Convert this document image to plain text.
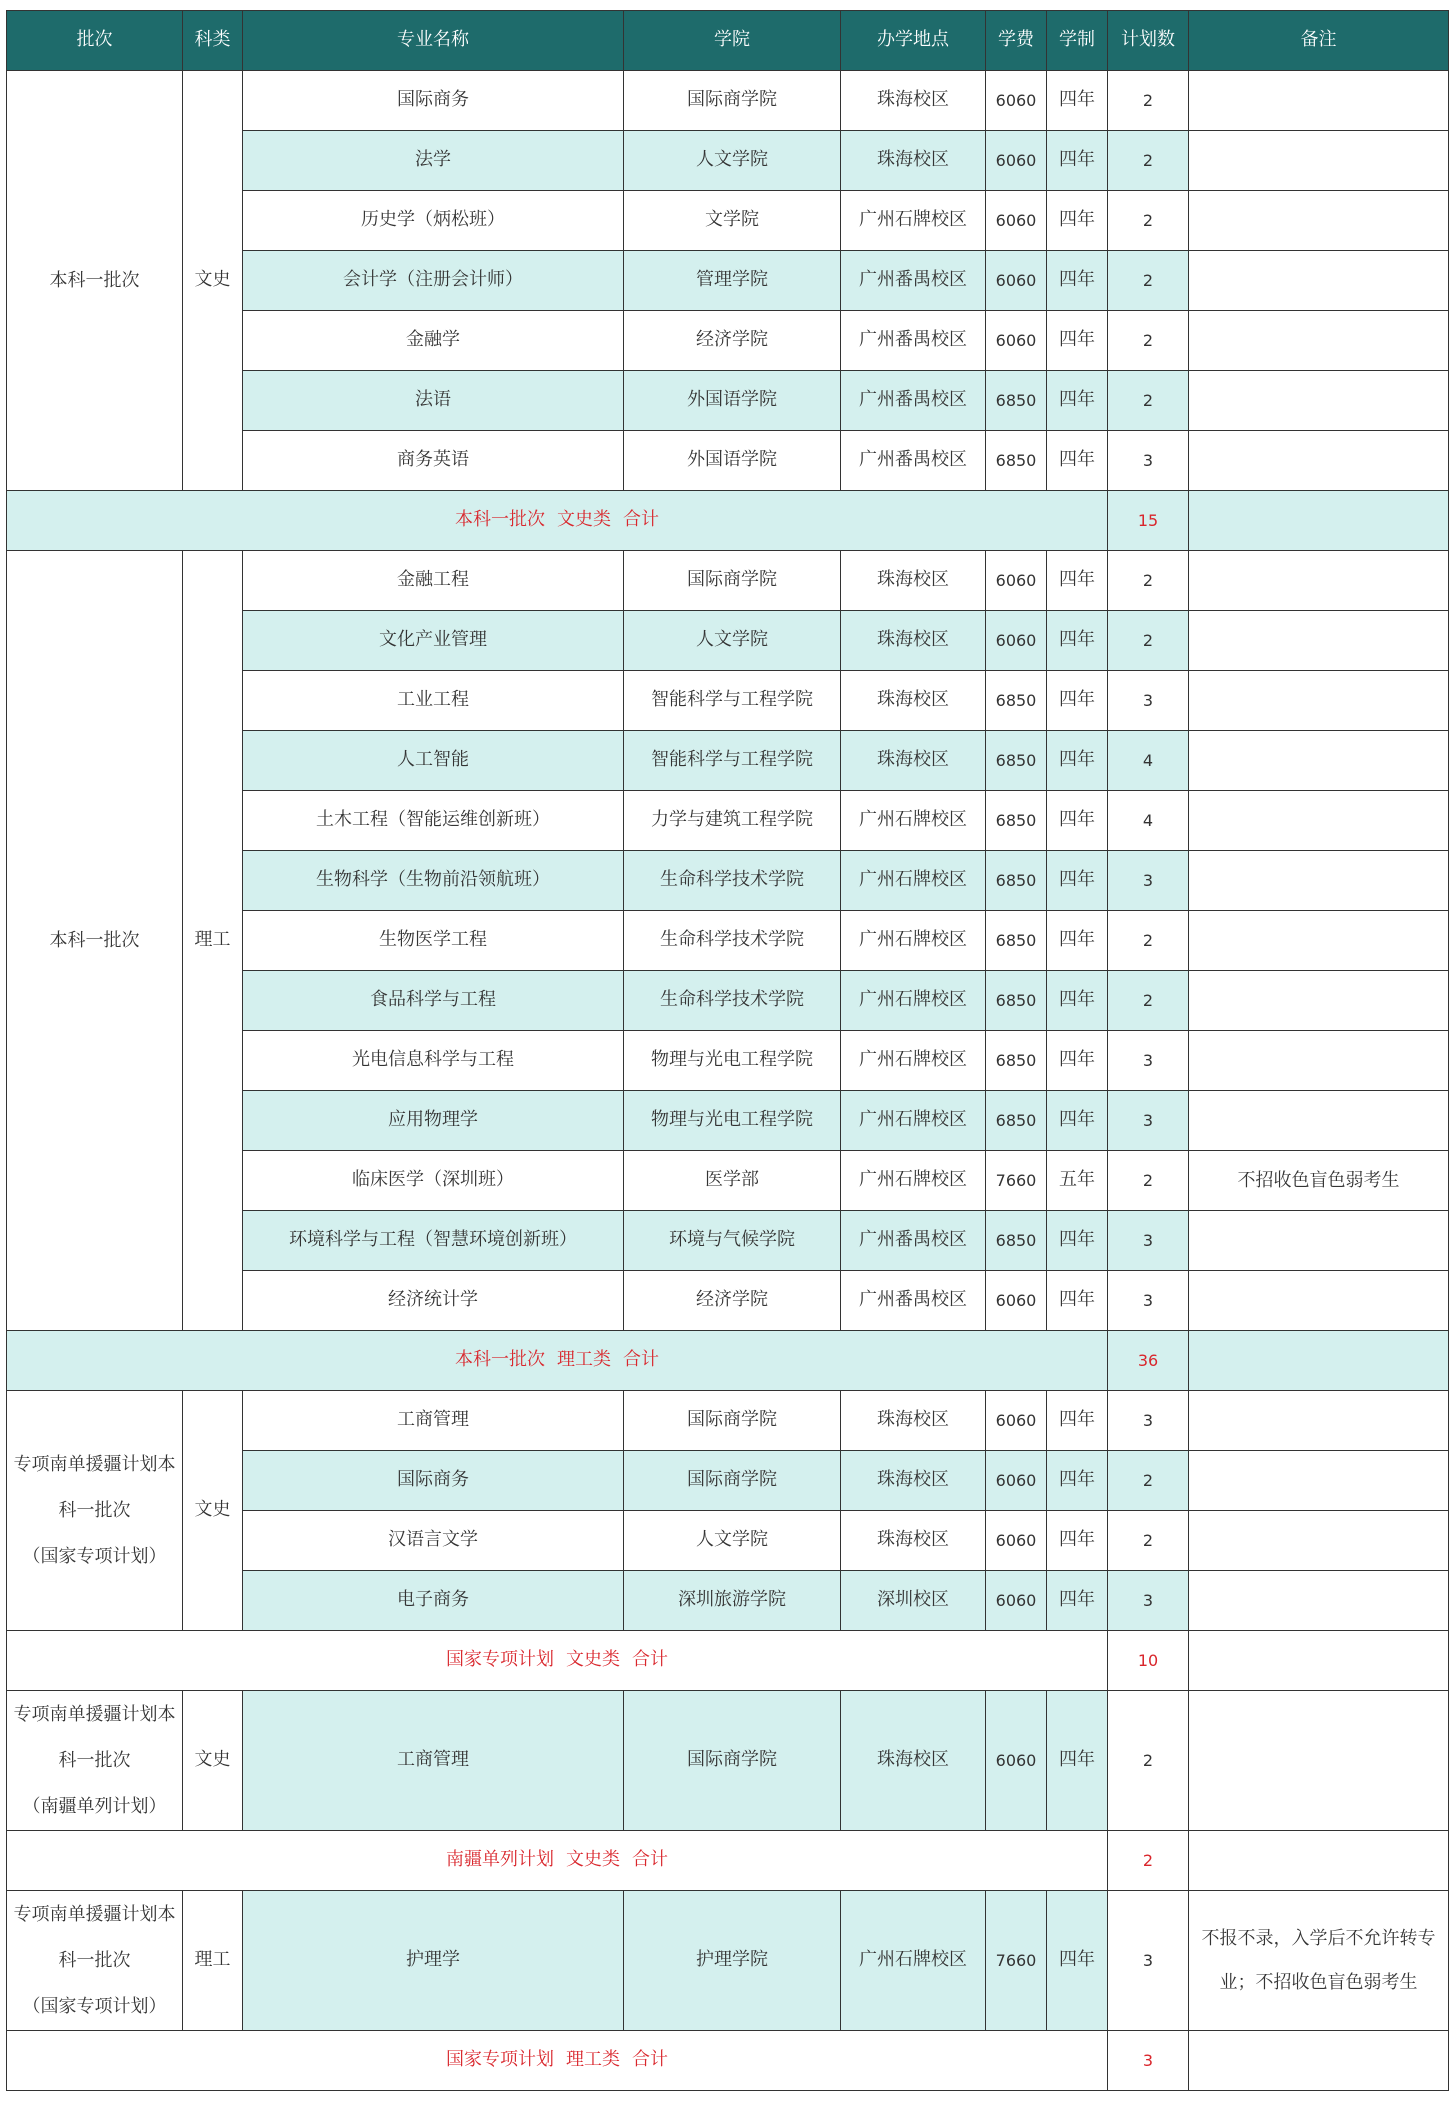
批次	科类	专业名称	学院	办学地点	学费	学制	计划数	备注
本科一批次	文史	国际商务	国际商学院	珠海校区	6060	四年	2	
		法学	人文学院	珠海校区	6060	四年	2	
		历史学（炳松班）	文学院	广州石牌校区	6060	四年	2	
		会计学（注册会计师）	管理学院	广州番禺校区	6060	四年	2	
		金融学	经济学院	广州番禺校区	6060	四年	2	
		法语	外国语学院	广州番禺校区	6850	四年	2	
		商务英语	外国语学院	广州番禺校区	6850	四年	3	
本科一批次 文史类 合计							15	
本科一批次	理工	金融工程	国际商学院	珠海校区	6060	四年	2	
		文化产业管理	人文学院	珠海校区	6060	四年	2	
		工业工程	智能科学与工程学院	珠海校区	6850	四年	3	
		人工智能	智能科学与工程学院	珠海校区	6850	四年	4	
		土木工程（智能运维创新班）	力学与建筑工程学院	广州石牌校区	6850	四年	4	
		生物科学（生物前沿领航班）	生命科学技术学院	广州石牌校区	6850	四年	3	
		生物医学工程	生命科学技术学院	广州石牌校区	6850	四年	2	
		食品科学与工程	生命科学技术学院	广州石牌校区	6850	四年	2	
		光电信息科学与工程	物理与光电工程学院	广州石牌校区	6850	四年	3	
		应用物理学	物理与光电工程学院	广州石牌校区	6850	四年	3	
		临床医学（深圳班）	医学部	广州石牌校区	7660	五年	2	不招收色盲色弱考生
		环境科学与工程（智慧环境创新班）	环境与气候学院	广州番禺校区	6850	四年	3	
		经济统计学	经济学院	广州番禺校区	6060	四年	3	
本科一批次 理工类 合计							36	
专项南单援疆计划本
科一批次
（国家专项计划）	文史	工商管理	国际商学院	珠海校区	6060	四年	3	
		国际商务	国际商学院	珠海校区	6060	四年	2	
		汉语言文学	人文学院	珠海校区	6060	四年	2	
		电子商务	深圳旅游学院	深圳校区	6060	四年	3	
国家专项计划 文史类 合计							10	
专项南单援疆计划本
科一批次
（南疆单列计划）	文史	工商管理	国际商学院	珠海校区	6060	四年	2	
南疆单列计划 文史类 合计							2	
专项南单援疆计划本
科一批次
（国家专项计划）	理工	护理学	护理学院	广州石牌校区	7660	四年	3	不报不录，入学后不允许转专业；不招收色盲色弱考生
国家专项计划 理工类 合计							3	
